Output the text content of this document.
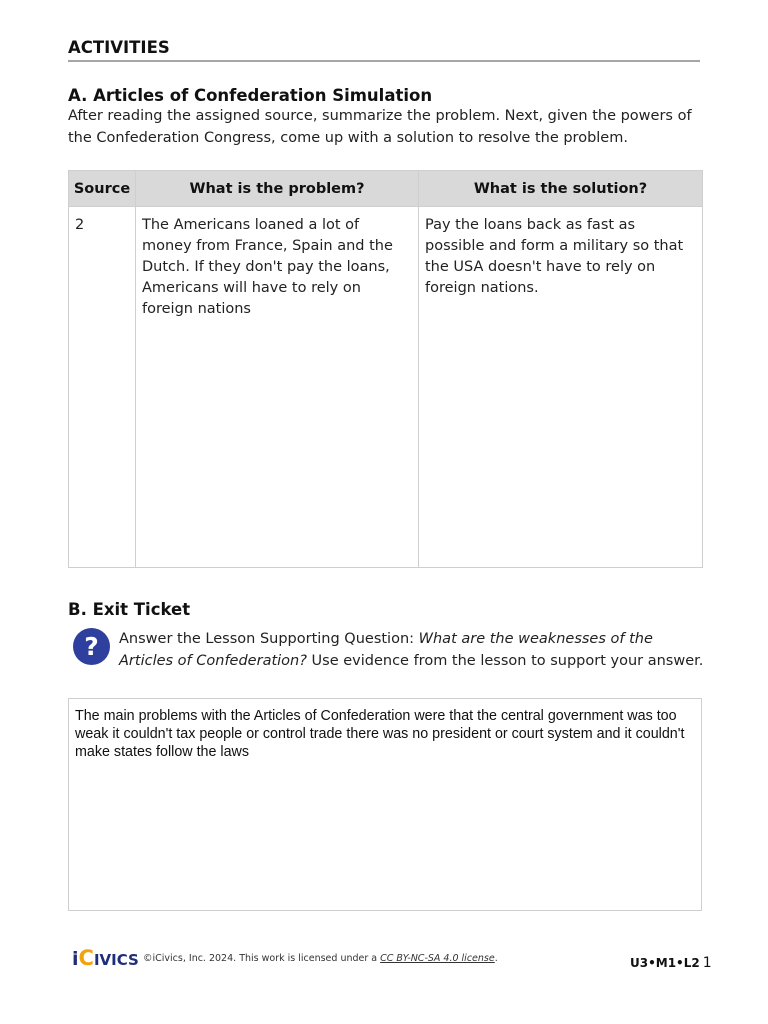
ACTIVITIES
A. Articles of Confederation Simulation
After reading the assigned source, summarize the problem. Next, given the powers of the Confederation Congress, come up with a solution to resolve the problem.
Source	What is the problem?	What is the solution?
2	The Americans loaned a lot of money from France, Spain and the Dutch. If they don't pay the loans, Americans will have to rely on foreign nations	Pay the loans back as fast as possible and form a military so that the USA doesn't have to rely on foreign nations.
B. Exit Ticket
?	Answer the Lesson Supporting Question: What are the weaknesses of the Articles of Confederation? Use evidence from the lesson to support your answer.
The main problems with the Articles of Confederation were that the central government was too weak it couldn't tax people or control trade there was no president or court system and it couldn't make states follow the laws
iCIVICS ©iCivics, Inc. 2024. This work is licensed under a CC BY-NC-SA 4.0 license.	U3•M1•L2 1
